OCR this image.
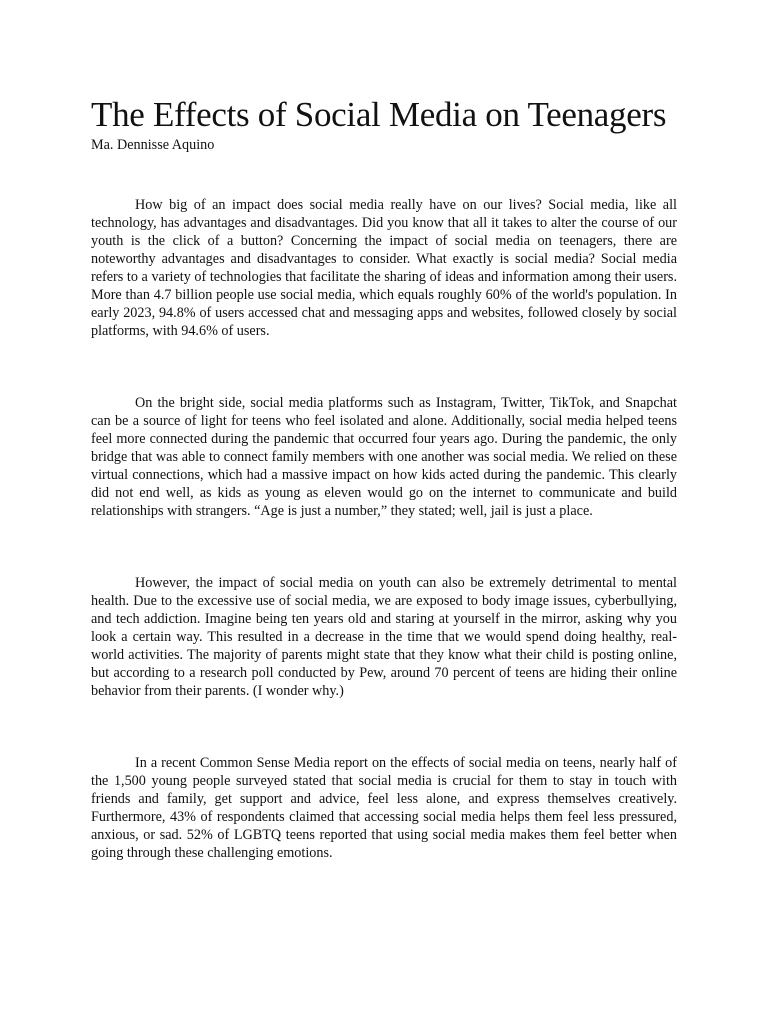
The Effects of Social Media on Teenagers

Ma. Dennisse Aquino

How big of an impact does social media really have on our lives? Social media, like all technology, has advantages and disadvantages. Did you know that all it takes to alter the course of our youth is the click of a button? Concerning the impact of social media on teenagers, there are noteworthy advantages and disadvantages to consider. What exactly is social media? Social media refers to a variety of technologies that facilitate the sharing of ideas and information among their users. More than 4.7 billion people use social media, which equals roughly 60% of the world's population. In early 2023, 94.8% of users accessed chat and messaging apps and websites, followed closely by social platforms, with 94.6% of users.

On the bright side, social media platforms such as Instagram, Twitter, TikTok, and Snapchat can be a source of light for teens who feel isolated and alone. Additionally, social media helped teens feel more connected during the pandemic that occurred four years ago. During the pandemic, the only bridge that was able to connect family members with one another was social media. We relied on these virtual connections, which had a massive impact on how kids acted during the pandemic. This clearly did not end well, as kids as young as eleven would go on the internet to communicate and build relationships with strangers. “Age is just a number,” they stated; well, jail is just a place.

However, the impact of social media on youth can also be extremely detrimental to mental health. Due to the excessive use of social media, we are exposed to body image issues, cyberbullying, and tech addiction. Imagine being ten years old and staring at yourself in the mirror, asking why you look a certain way. This resulted in a decrease in the time that we would spend doing healthy, real-world activities. The majority of parents might state that they know what their child is posting online, but according to a research poll conducted by Pew, around 70 percent of teens are hiding their online behavior from their parents. (I wonder why.)

In a recent Common Sense Media report on the effects of social media on teens, nearly half of the 1,500 young people surveyed stated that social media is crucial for them to stay in touch with friends and family, get support and advice, feel less alone, and express themselves creatively. Furthermore, 43% of respondents claimed that accessing social media helps them feel less pressured, anxious, or sad. 52% of LGBTQ teens reported that using social media makes them feel better when going through these challenging emotions.
